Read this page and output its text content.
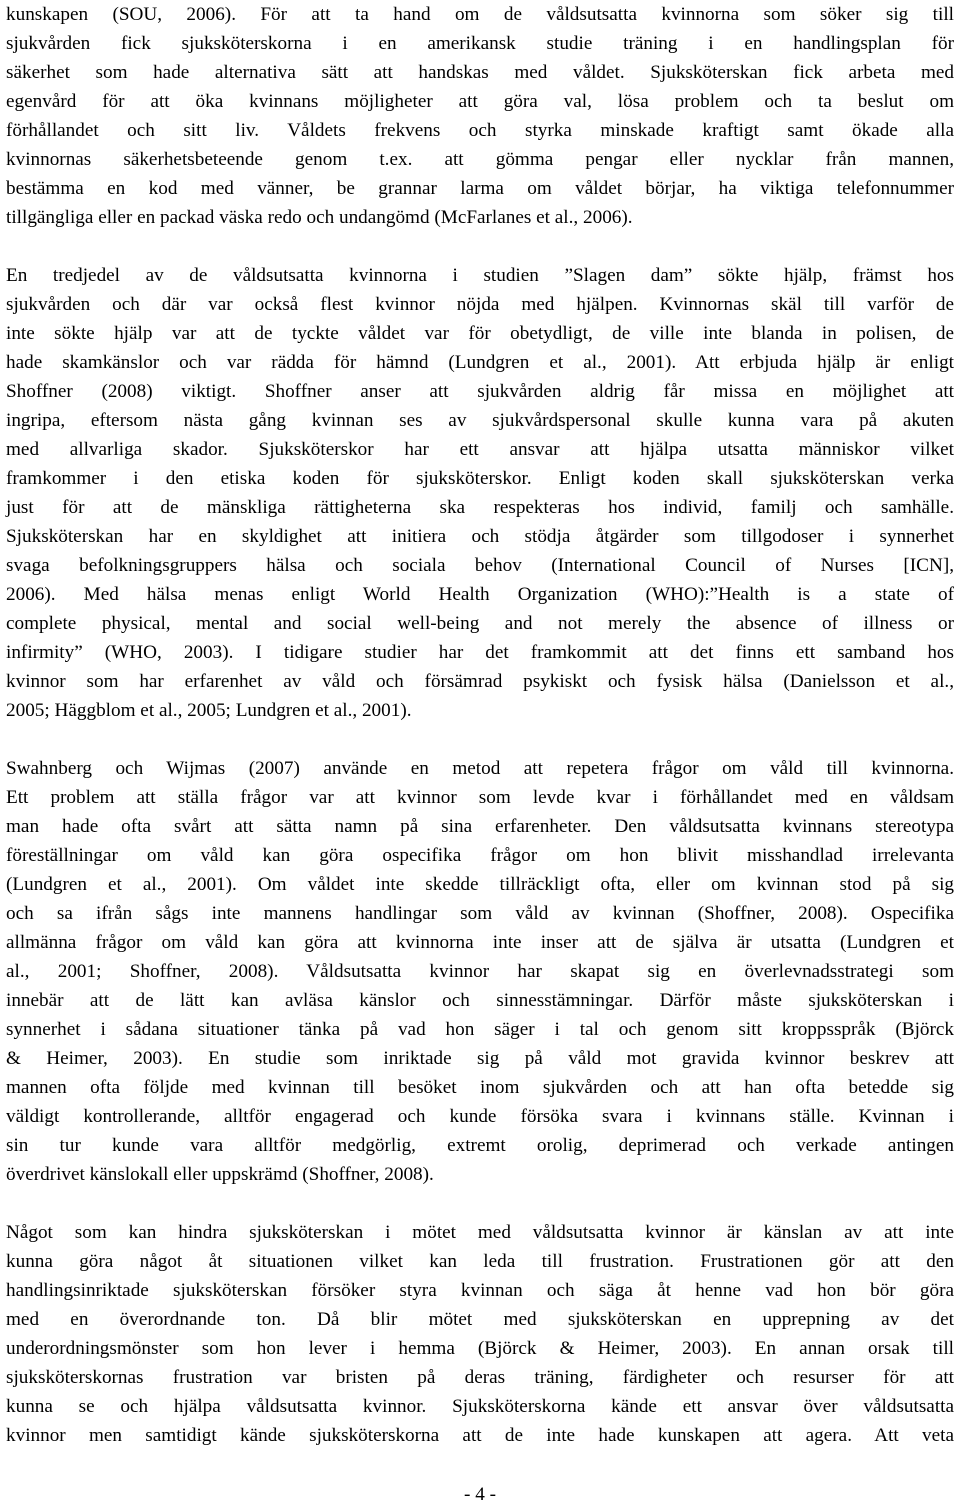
kunskapen (SOU, 2006). För att ta hand om de våldsutsatta kvinnorna som söker sig till
sjukvården fick sjuksköterskorna i en amerikansk studie träning i en handlingsplan för
säkerhet som hade alternativa sätt att handskas med våldet. Sjuksköterskan fick arbeta med
egenvård för att öka kvinnans möjligheter att göra val, lösa problem och ta beslut om
förhållandet och sitt liv. Våldets frekvens och styrka minskade kraftigt samt ökade alla
kvinnornas säkerhetsbeteende genom t.ex. att gömma pengar eller nycklar från mannen,
bestämma en kod med vänner, be grannar larma om våldet börjar, ha viktiga telefonnummer
tillgängliga eller en packad väska redo och undangömd (McFarlanes et al., 2006).
En tredjedel av de våldsutsatta kvinnorna i studien ”Slagen dam” sökte hjälp, främst hos
sjukvården och där var också flest kvinnor nöjda med hjälpen. Kvinnornas skäl till varför de
inte sökte hjälp var att de tyckte våldet var för obetydligt, de ville inte blanda in polisen, de
hade skamkänslor och var rädda för hämnd (Lundgren et al., 2001). Att erbjuda hjälp är enligt
Shoffner (2008) viktigt. Shoffner anser att sjukvården aldrig får missa en möjlighet att
ingripa, eftersom nästa gång kvinnan ses av sjukvårdspersonal skulle kunna vara på akuten
med allvarliga skador. Sjuksköterskor har ett ansvar att hjälpa utsatta människor vilket
framkommer i den etiska koden för sjuksköterskor. Enligt koden skall sjuksköterskan verka
just för att de mänskliga rättigheterna ska respekteras hos individ, familj och samhälle.
Sjuksköterskan har en skyldighet att initiera och stödja åtgärder som tillgodoser i synnerhet
svaga befolkningsgruppers hälsa och sociala behov (International Council of Nurses [ICN],
2006). Med hälsa menas enligt World Health Organization (WHO):”Health is a state of
complete physical, mental and social well-being and not merely the absence of illness or
infirmity” (WHO, 2003). I tidigare studier har det framkommit att det finns ett samband hos
kvinnor som har erfarenhet av våld och försämrad psykiskt och fysisk hälsa (Danielsson et al.,
2005; Häggblom et al., 2005; Lundgren et al., 2001).
Swahnberg och Wijmas (2007) använde en metod att repetera frågor om våld till kvinnorna.
Ett problem att ställa frågor var att kvinnor som levde kvar i förhållandet med en våldsam
man hade ofta svårt att sätta namn på sina erfarenheter. Den våldsutsatta kvinnans stereotypa
föreställningar om våld kan göra ospecifika frågor om hon blivit misshandlad irrelevanta
(Lundgren et al., 2001). Om våldet inte skedde tillräckligt ofta, eller om kvinnan stod på sig
och sa ifrån sågs inte mannens handlingar som våld av kvinnan (Shoffner, 2008). Ospecifika
allmänna frågor om våld kan göra att kvinnorna inte inser att de själva är utsatta (Lundgren et
al., 2001; Shoffner, 2008). Våldsutsatta kvinnor har skapat sig en överlevnadsstrategi som
innebär att de lätt kan avläsa känslor och sinnesstämningar. Därför måste sjuksköterskan i
synnerhet i sådana situationer tänka på vad hon säger i tal och genom sitt kroppsspråk (Björck
& Heimer, 2003). En studie som inriktade sig på våld mot gravida kvinnor beskrev att
mannen ofta följde med kvinnan till besöket inom sjukvården och att han ofta betedde sig
väldigt kontrollerande, alltför engagerad och kunde försöka svara i kvinnans ställe. Kvinnan i
sin tur kunde vara alltför medgörlig, extremt orolig, deprimerad och verkade antingen
överdrivet känslokall eller uppskrämd (Shoffner, 2008).
Något som kan hindra sjuksköterskan i mötet med våldsutsatta kvinnor är känslan av att inte
kunna göra något åt situationen vilket kan leda till frustration. Frustrationen gör att den
handlingsinriktade sjuksköterskan försöker styra kvinnan och säga åt henne vad hon bör göra
med en överordnande ton. Då blir mötet med sjuksköterskan en upprepning av det
underordningsmönster som hon lever i hemma (Björck & Heimer, 2003). En annan orsak till
sjuksköterskornas frustration var bristen på deras träning, färdigheter och resurser för att
kunna se och hjälpa våldsutsatta kvinnor. Sjuksköterskorna kände ett ansvar över våldsutsatta
kvinnor men samtidigt kände sjuksköterskorna att de inte hade kunskapen att agera. Att veta
- 4 -
